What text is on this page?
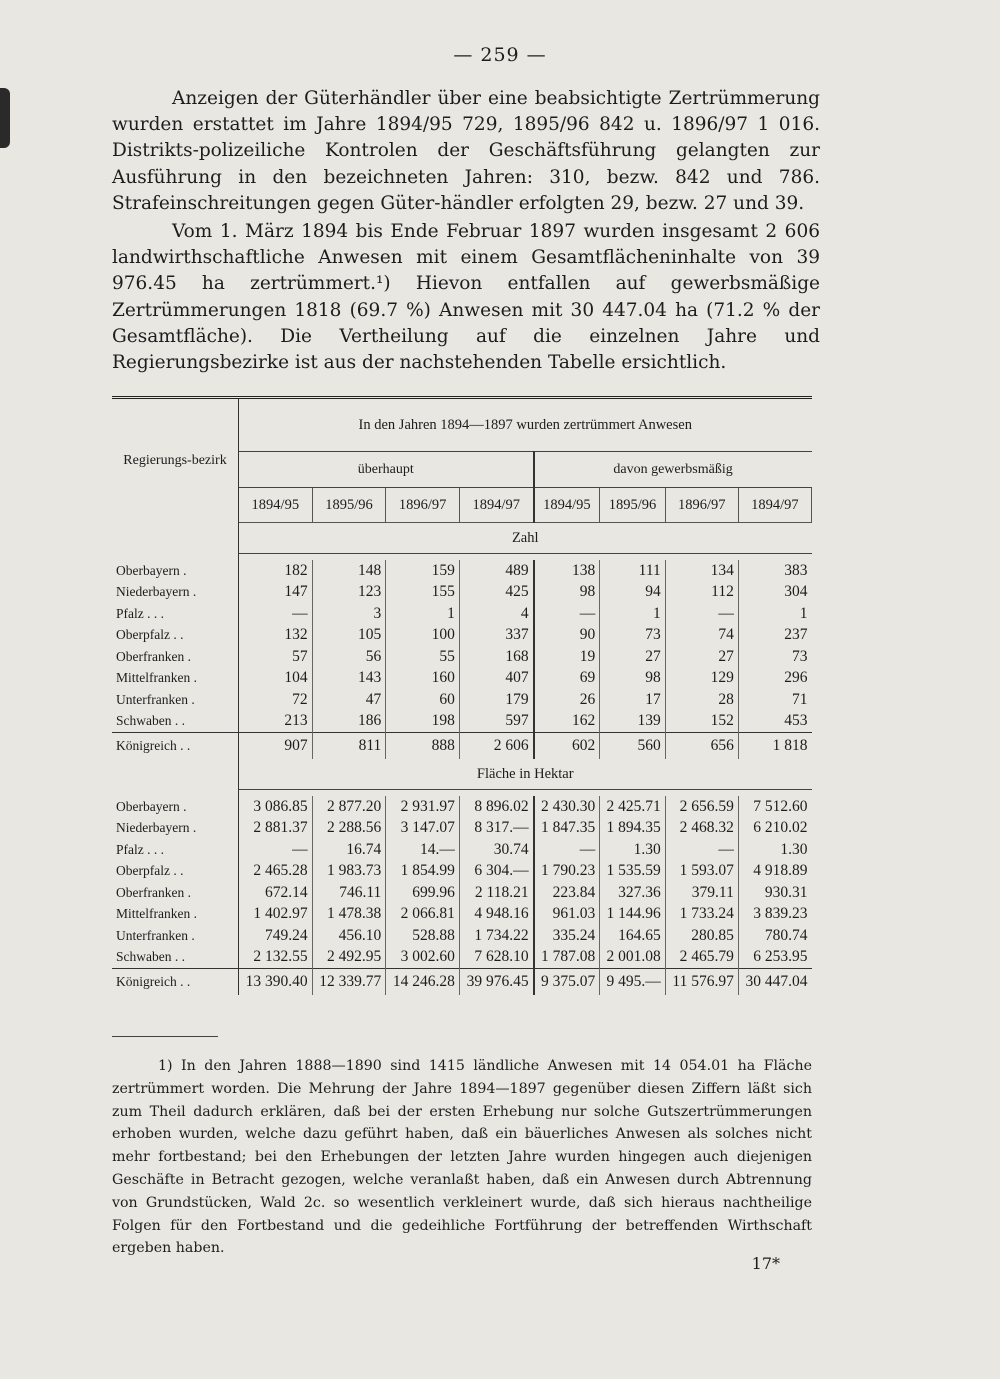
— 259 —

Anzeigen der Güterhändler über eine beabsichtigte Zertrümmerung wurden erstattet im Jahre 1894/95 729, 1895/96 842 u. 1896/97 1 016. Distrikts-polizeiliche Kontrolen der Geschäftsführung gelangten zur Ausführung in den bezeichneten Jahren: 310, bezw. 842 und 786. Strafeinschreitungen gegen Güter-händler erfolgten 29, bezw. 27 und 39.

Vom 1. März 1894 bis Ende Februar 1897 wurden insgesamt 2 606 landwirthschaftliche Anwesen mit einem Gesamtflächeninhalte von 39 976.45 ha zertrümmert.¹) Hievon entfallen auf gewerbsmäßige Zertrümmerungen 1818 (69.7 %) Anwesen mit 30 447.04 ha (71.2 % der Gesamtfläche). Die Vertheilung auf die einzelnen Jahre und Regierungsbezirke ist aus der nachstehenden Tabelle ersichtlich.

Regierungs-bezirk	In den Jahren 1894—1897 wurden zertrümmert Anwesen							
	überhaupt				davon gewerbsmäßig			
	1894/95	1895/96	1896/97	1894/97	1894/95	1895/96	1896/97	1894/97
	Zahl							

Oberbayern .	182	148	159	489	138	111	134	383
Niederbayern .	147	123	155	425	98	94	112	304
Pfalz . . .	—	3	1	4	—	1	—	1
Oberpfalz . .	132	105	100	337	90	73	74	237
Oberfranken .	57	56	55	168	19	27	27	73
Mittelfranken .	104	143	160	407	69	98	129	296
Unterfranken .	72	47	60	179	26	17	28	71
Schwaben . .	213	186	198	597	162	139	152	453
Königreich . .	907	811	888	2 606	602	560	656	1 818
	Fläche in Hektar							

Oberbayern .	3 086.85	2 877.20	2 931.97	8 896.02	2 430.30	2 425.71	2 656.59	7 512.60
Niederbayern .	2 881.37	2 288.56	3 147.07	8 317.—	1 847.35	1 894.35	2 468.32	6 210.02
Pfalz . . .	—	16.74	14.—	30.74	—	1.30	—	1.30
Oberpfalz . .	2 465.28	1 983.73	1 854.99	6 304.—	1 790.23	1 535.59	1 593.07	4 918.89
Oberfranken .	672.14	746.11	699.96	2 118.21	223.84	327.36	379.11	930.31
Mittelfranken .	1 402.97	1 478.38	2 066.81	4 948.16	961.03	1 144.96	1 733.24	3 839.23
Unterfranken .	749.24	456.10	528.88	1 734.22	335.24	164.65	280.85	780.74
Schwaben . .	2 132.55	2 492.95	3 002.60	7 628.10	1 787.08	2 001.08	2 465.79	6 253.95
Königreich . .	13 390.40	12 339.77	14 246.28	39 976.45	9 375.07	9 495.—	11 576.97	30 447.04

1) In den Jahren 1888—1890 sind 1415 ländliche Anwesen mit 14 054.01 ha Fläche zertrümmert worden. Die Mehrung der Jahre 1894—1897 gegenüber diesen Ziffern läßt sich zum Theil dadurch erklären, daß bei der ersten Erhebung nur solche Gutszertrümmerungen erhoben wurden, welche dazu geführt haben, daß ein bäuerliches Anwesen als solches nicht mehr fortbestand; bei den Erhebungen der letzten Jahre wurden hingegen auch diejenigen Geschäfte in Betracht gezogen, welche veranlaßt haben, daß ein Anwesen durch Abtrennung von Grundstücken, Wald 2c. so wesentlich verkleinert wurde, daß sich hieraus nachtheilige Folgen für den Fortbestand und die gedeihliche Fortführung der betreffenden Wirthschaft ergeben haben.

17*
